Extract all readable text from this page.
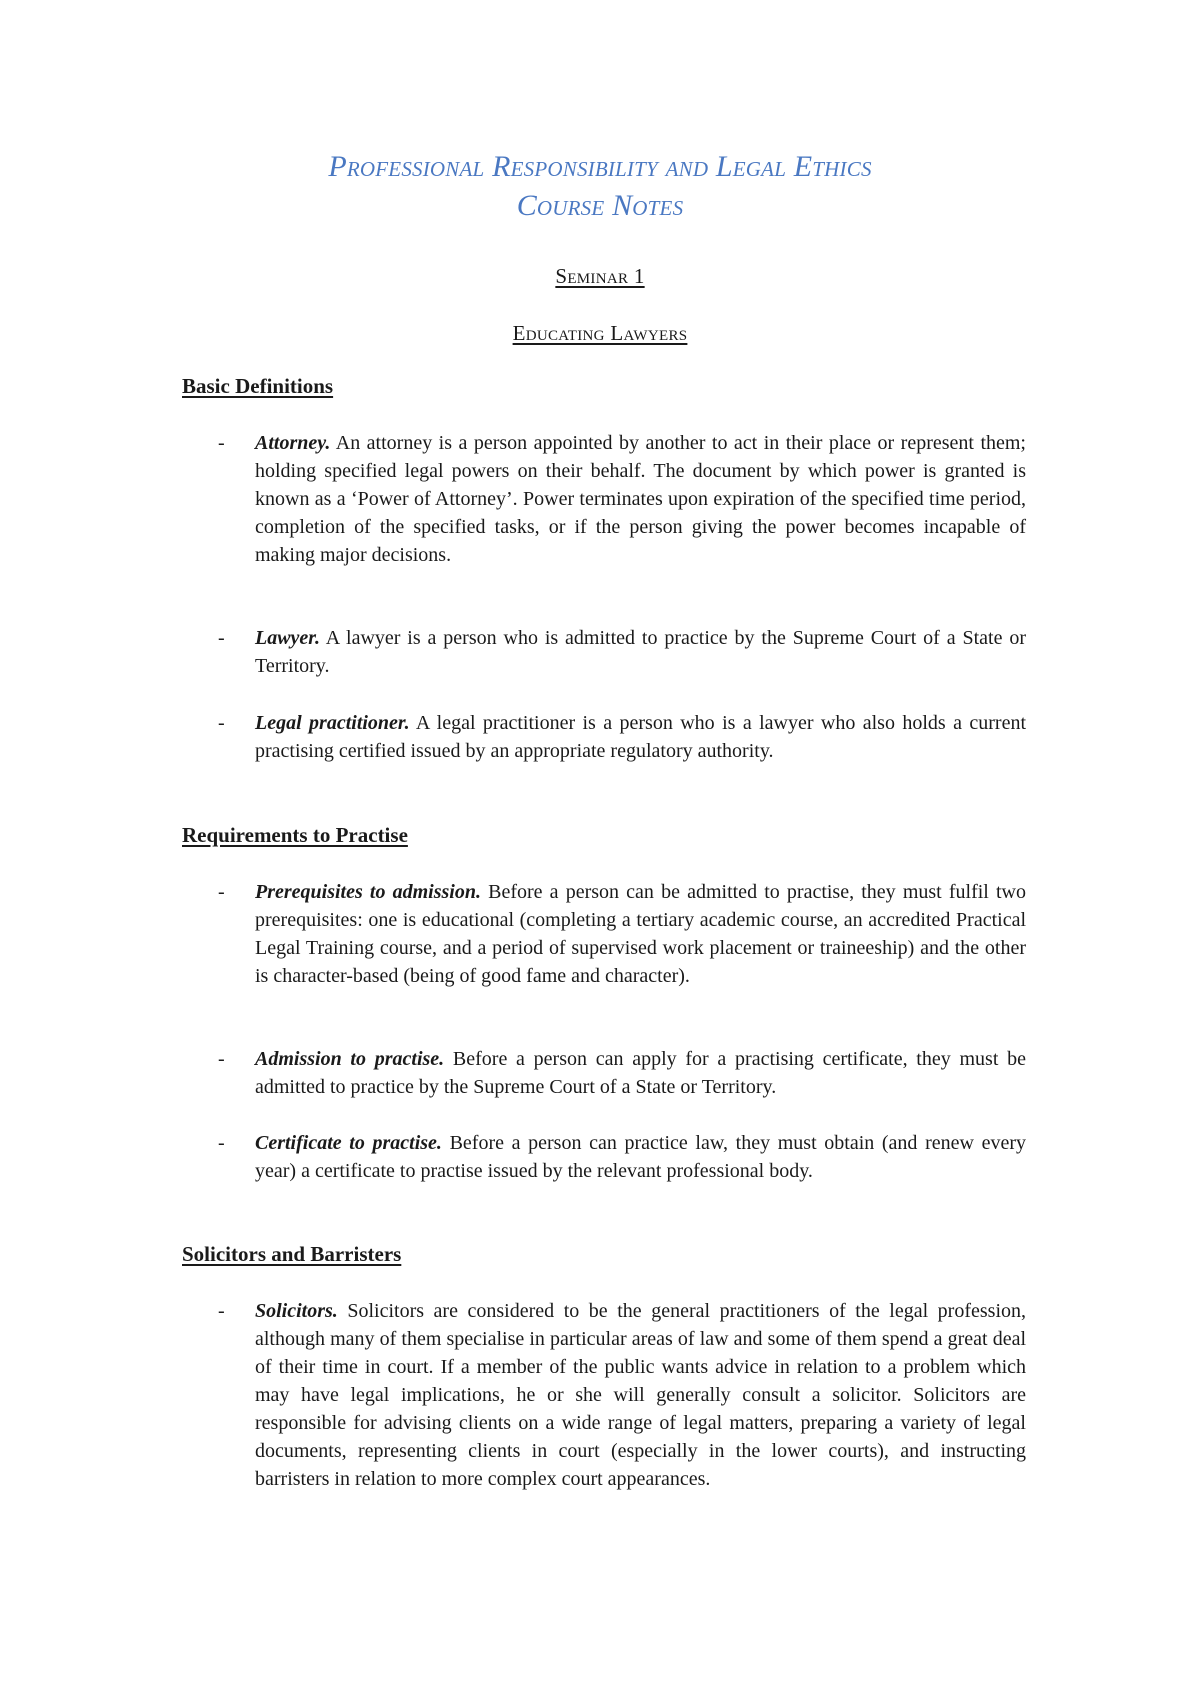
Professional Responsibility and Legal Ethics
Course Notes
Seminar 1
Educating Lawyers
Basic Definitions
- Attorney. An attorney is a person appointed by another to act in their place or represent them; holding specified legal powers on their behalf. The document by which power is granted is known as a ‘Power of Attorney’. Power terminates upon expiration of the specified time period, completion of the specified tasks, or if the person giving the power becomes incapable of making major decisions.
- Lawyer. A lawyer is a person who is admitted to practice by the Supreme Court of a State or Territory.
- Legal practitioner. A legal practitioner is a person who is a lawyer who also holds a current practising certified issued by an appropriate regulatory authority.
Requirements to Practise
- Prerequisites to admission. Before a person can be admitted to practise, they must fulfil two prerequisites: one is educational (completing a tertiary academic course, an accredited Practical Legal Training course, and a period of supervised work placement or traineeship) and the other is character-based (being of good fame and character).
- Admission to practise. Before a person can apply for a practising certificate, they must be admitted to practice by the Supreme Court of a State or Territory.
- Certificate to practise. Before a person can practice law, they must obtain (and renew every year) a certificate to practise issued by the relevant professional body.
Solicitors and Barristers
- Solicitors. Solicitors are considered to be the general practitioners of the legal profession, although many of them specialise in particular areas of law and some of them spend a great deal of their time in court. If a member of the public wants advice in relation to a problem which may have legal implications, he or she will generally consult a solicitor. Solicitors are responsible for advising clients on a wide range of legal matters, preparing a variety of legal documents, representing clients in court (especially in the lower courts), and instructing barristers in relation to more complex court appearances.
